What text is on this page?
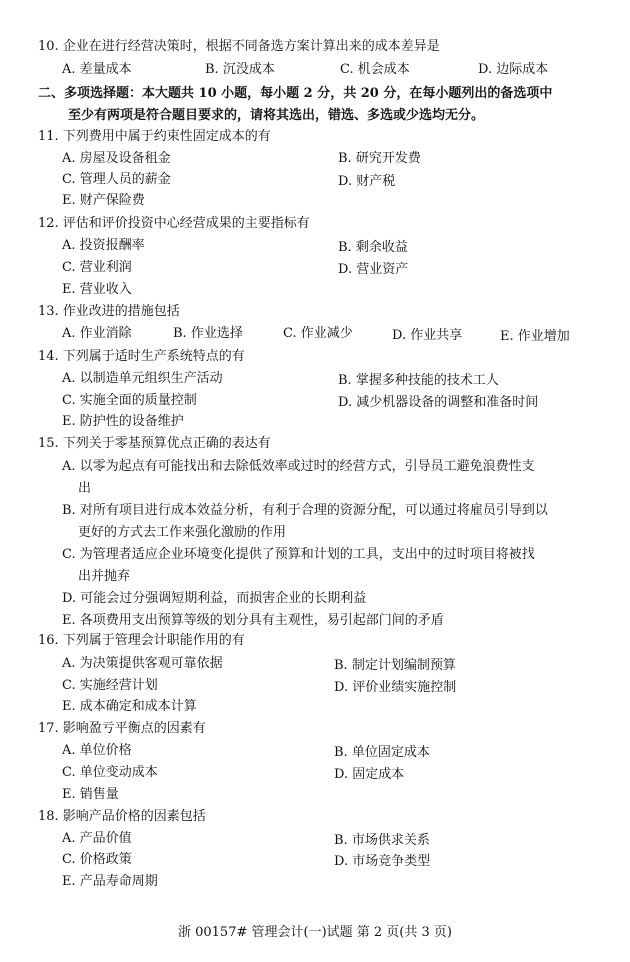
10. 企业在进行经营决策时，根据不同备选方案计算出来的成本差异是
A. 差量成本	B. 沉没成本	C. 机会成本	D. 边际成本
二、多项选择题：本大题共 10 小题，每小题 2 分，共 20 分，在每小题列出的备选项中
至少有两项是符合题目要求的，请将其选出，错选、多选或少选均无分。
11. 下列费用中属于约束性固定成本的有
A. 房屋及设备租金	B. 研究开发费
C. 管理人员的薪金	D. 财产税
E. 财产保险费
12. 评估和评价投资中心经营成果的主要指标有
A. 投资报酬率	B. 剩余收益
C. 营业利润	D. 营业资产
E. 营业收入
13. 作业改进的措施包括
A. 作业消除	B. 作业选择	C. 作业减少	D. 作业共享	E. 作业增加
14. 下列属于适时生产系统特点的有
A. 以制造单元组织生产活动	B. 掌握多种技能的技术工人
C. 实施全面的质量控制	D. 减少机器设备的调整和准备时间
E. 防护性的设备维护
15. 下列关于零基预算优点正确的表达有
A. 以零为起点有可能找出和去除低效率或过时的经营方式，引导员工避免浪费性支
出
B. 对所有项目进行成本效益分析，有利于合理的资源分配，可以通过将雇员引导到以
更好的方式去工作来强化激励的作用
C. 为管理者适应企业环境变化提供了预算和计划的工具，支出中的过时项目将被找
出并抛弃
D. 可能会过分强调短期利益，而损害企业的长期利益
E. 各项费用支出预算等级的划分具有主观性，易引起部门间的矛盾
16. 下列属于管理会计职能作用的有
A. 为决策提供客观可靠依据	B. 制定计划编制预算
C. 实施经营计划	D. 评价业绩实施控制
E. 成本确定和成本计算
17. 影响盈亏平衡点的因素有
A. 单位价格	B. 单位固定成本
C. 单位变动成本	D. 固定成本
E. 销售量
18. 影响产品价格的因素包括
A. 产品价值	B. 市场供求关系
C. 价格政策	D. 市场竞争类型
E. 产品寿命周期
浙 00157# 管理会计(一)试题 第 2 页(共 3 页)
